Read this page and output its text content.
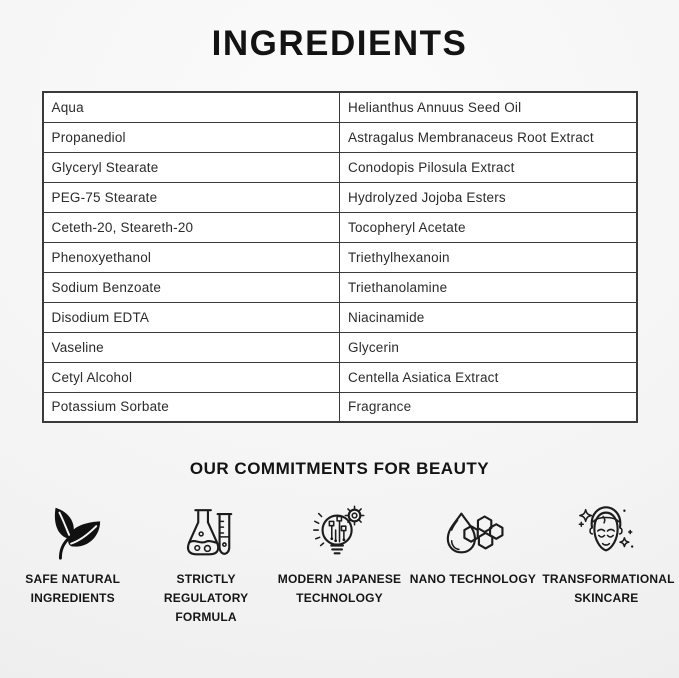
INGREDIENTS
Aqua	Helianthus Annuus Seed Oil
Propanediol	Astragalus Membranaceus Root Extract
Glyceryl Stearate	Conodopis Pilosula Extract
PEG-75 Stearate	Hydrolyzed Jojoba Esters
Ceteth-20, Steareth-20	Tocopheryl Acetate
Phenoxyethanol	Triethylhexanoin
Sodium Benzoate	Triethanolamine
Disodium EDTA	Niacinamide
Vaseline	Glycerin
Cetyl Alcohol	Centella Asiatica Extract
Potassium Sorbate	Fragrance
OUR COMMITMENTS FOR BEAUTY
SAFE NATURAL INGREDIENTS
STRICTLY REGULATORY FORMULA
MODERN JAPANESE TECHNOLOGY
NANO TECHNOLOGY TRANSFORMATIONAL SKINCARE
